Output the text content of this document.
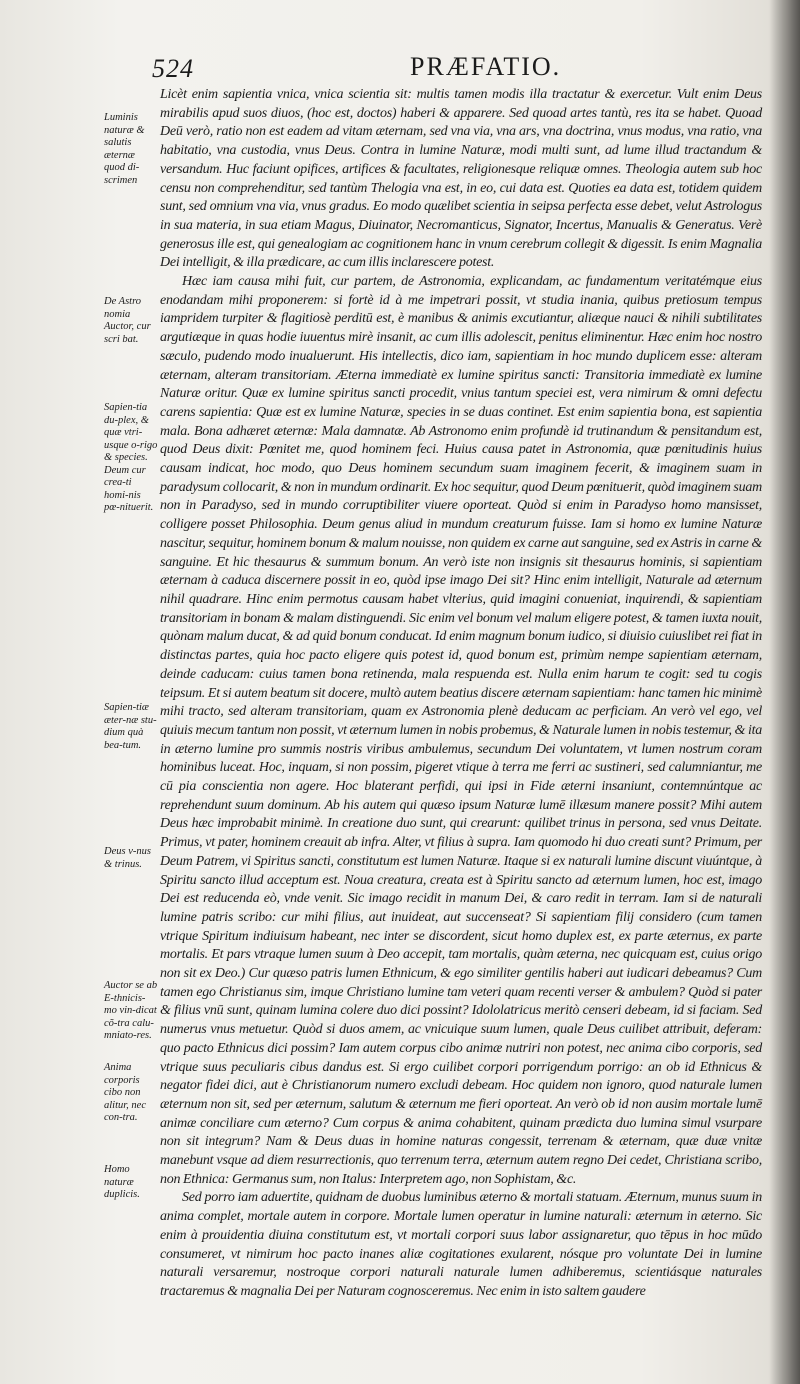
524	PRÆFATIO.
Luminis naturæ & salutis æternæ quod di-scrimen
De Astro nomia Auctor, cur scri bat.
Sapien-tia du-plex, & quæ vtri-usque o-rigo & species. Deum cur crea-ti homi-nis pœ-nituerit.
Sapien-tiæ æter-næ stu-dium quà bea-tum.
Deus v-nus & trinus.
Auctor se ab E-thnicis-mo vin-dicat cõ-tra calu-mniato-res.
Anima corporis cibo non alitur, nec con-tra.
Homo naturæ duplicis.

Licèt enim sapientia vnica, vnica scientia sit: multis tamen modis illa tractatur & exercetur. Vult enim Deus mirabilis apud suos diuos, (hoc est, doctos) haberi & apparere. Sed quoad artes tantù, res ita se habet. Quoad Deū verò, ratio non est eadem ad vitam æternam, sed vna via, vna ars, vna doctrina, vnus modus, vna ratio, vna habitatio, vna custodia, vnus Deus. Contra in lumine Naturæ, modi multi sunt, ad lume illud tractandum & versandum. Huc faciunt opifices, artifices & facultates, religionesque reliquæ omnes. Theologia autem sub hoc censu non comprehenditur, sed tantùm Thelogia vna est, in eo, cui data est. Quoties ea data est, totidem quidem sunt, sed omnium vna via, vnus gradus. Eo modo quælibet scientia in seipsa perfecta esse debet, velut Astrologus in sua materia, in sua etiam Magus, Diuinator, Necromanticus, Signator, Incertus, Manualis & Generatus. Verè generosus ille est, qui genealogiam ac cognitionem hanc in vnum cerebrum collegit & digessit. Is enim Magnalia Dei intelligit, & illa prædicare, ac cum illis inclarescere potest.

Hæc iam causa mihi fuit, cur partem, de Astronomia, explicandam, ac fundamentum veritatémque eius enodandam mihi proponerem: si fortè id à me impetrari possit, vt studia inania, quibus pretiosum tempus iampridem turpiter & flagitiosè perditū est, è manibus & animis excutiantur, aliæque nauci & nihili subtilitates argutiæque in quas hodie iuuentus mirè insanit, ac cum illis adolescit, penitus eliminentur. Hæc enim hoc nostro sæculo, pudendo modo inualuerunt. His intellectis, dico iam, sapientiam in hoc mundo duplicem esse: alteram æternam, alteram transitoriam. Æterna immediatè ex lumine spiritus sancti: Transitoria immediatè ex lumine Naturæ oritur. Quæ ex lumine spiritus sancti procedit, vnius tantum speciei est, vera nimirum & omni defectu carens sapientia: Quæ est ex lumine Naturæ, species in se duas continet. Est enim sapientia bona, est sapientia mala. Bona adhæret æternæ: Mala damnatæ. Ab Astronomo enim profundè id trutinandum & pensitandum est, quod Deus dixit: Pœnitet me, quod hominem feci. Huius causa patet in Astronomia, quæ pœnitudinis huius causam indicat, hoc modo, quo Deus hominem secundum suam imaginem fecerit, & imaginem suam in paradysum collocarit, & non in mundum ordinarit. Ex hoc sequitur, quod Deum pœnituerit, quòd imaginem suam non in Paradyso, sed in mundo corruptibiliter viuere oporteat. Quòd si enim in Paradyso homo mansisset, colligere posset Philosophia. Deum genus aliud in mundum creaturum fuisse. Iam si homo ex lumine Naturæ nascitur, sequitur, hominem bonum & malum nouisse, non quidem ex carne aut sanguine, sed ex Astris in carne & sanguine. Et hic thesaurus & summum bonum. An verò iste non insignis sit thesaurus hominis, si sapientiam æternam à caduca discernere possit in eo, quòd ipse imago Dei sit? Hinc enim intelligit, Naturale ad æternum nihil quadrare. Hinc enim permotus causam habet vlterius, quid imagini conueniat, inquirendi, & sapientiam transitoriam in bonam & malam distinguendi. Sic enim vel bonum vel malum eligere potest, & tamen iuxta nouit, quònam malum ducat, & ad quid bonum conducat. Id enim magnum bonum iudico, si diuisio cuiuslibet rei fiat in distinctas partes, quia hoc pacto eligere quis potest id, quod bonum est, primùm nempe sapientiam æternam, deinde caducam: cuius tamen bona retinenda, mala respuenda est. Nulla enim harum te cogit: sed tu cogis teipsum. Et si autem beatum sit docere, multò autem beatius discere æternam sapientiam: hanc tamen hic minimè mihi tracto, sed alteram transitoriam, quam ex Astronomia plenè deducam ac perficiam. An verò vel ego, vel quiuis mecum tantum non possit, vt æternum lumen in nobis probemus, & Naturale lumen in nobis testemur, & ita in æterno lumine pro summis nostris viribus ambulemus, secundum Dei voluntatem, vt lumen nostrum coram hominibus luceat. Hoc, inquam, si non possim, pigeret vtique à terra me ferri ac sustineri, sed calumniantur, me cū pia conscientia non agere. Hoc blaterant perfidi, qui ipsi in Fide æterni insaniunt, contemnúntque ac reprehendunt suum dominum. Ab his autem qui quæso ipsum Naturæ lumē illæsum manere possit? Mihi autem Deus hæc improbabit minimè. In creatione duo sunt, qui crearunt: quilibet trinus in persona, sed vnus Deitate. Primus, vt pater, hominem creauit ab infra. Alter, vt filius à supra. Iam quomodo hi duo creati sunt? Primum, per Deum Patrem, vi Spiritus sancti, constitutum est lumen Naturæ. Itaque si ex naturali lumine discunt viuúntque, à Spiritu sancto illud acceptum est. Noua creatura, creata est à Spiritu sancto ad æternum lumen, hoc est, imago Dei est reducenda eò, vnde venit. Sic imago recidit in manum Dei, & caro redit in terram. Iam si de naturali lumine patris scribo: cur mihi filius, aut inuideat, aut succenseat? Si sapientiam filij considero (cum tamen vtrique Spiritum indiuisum habeant, nec inter se discordent, sicut homo duplex est, ex parte æternus, ex parte mortalis. Et pars vtraque lumen suum à Deo accepit, tam mortalis, quàm æterna, nec quicquam est, cuius origo non sit ex Deo.) Cur quæso patris lumen Ethnicum, & ego similiter gentilis haberi aut iudicari debeamus? Cum tamen ego Christianus sim, imque Christiano lumine tam veteri quam recenti verser & ambulem? Quòd si pater & filius vnū sunt, quinam lumina colere duo dici possint? Idololatricus meritò censeri debeam, id si faciam. Sed numerus vnus metuetur. Quòd si duos amem, ac vnicuique suum lumen, quale Deus cuilibet attribuit, deferam: quo pacto Ethnicus dici possim? Iam autem corpus cibo animæ nutriri non potest, nec anima cibo corporis, sed vtrique suus peculiaris cibus dandus est. Si ergo cuilibet corpori porrigendum porrigo: an ob id Ethnicus & negator fidei dici, aut è Christianorum numero excludi debeam. Hoc quidem non ignoro, quod naturale lumen æternum non sit, sed per æternum, salutum & æternum me fieri oporteat. An verò ob id non ausim mortale lumē animæ conciliare cum æterno? Cum corpus & anima cohabitent, quinam prædicta duo lumina simul vsurpare non sit integrum? Nam & Deus duas in homine naturas congessit, terrenam & æternam, quæ duæ vnitæ manebunt vsque ad diem resurrectionis, quo terrenum terra, æternum autem regno Dei cedet, Christiana scribo, non Ethnica: Germanus sum, non Italus: Interpretem ago, non Sophistam, &c.

Sed porro iam aduertite, quidnam de duobus luminibus æterno & mortali statuam. Æternum, munus suum in anima complet, mortale autem in corpore. Mortale lumen operatur in lumine naturali: æternum in æterno. Sic enim à prouidentia diuina constitutum est, vt mortali corpori suus labor assignaretur, quo tēpus in hoc mūdo consumeret, vt nimirum hoc pacto inanes aliæ cogitationes exularent, nósque pro voluntate Dei in lumine naturali versaremur, nostroque corpori naturali naturale lumen adhiberemus, scientiásque naturales tractaremus & magnalia Dei per Naturam cognosceremus. Nec enim in isto saltem gaudere
